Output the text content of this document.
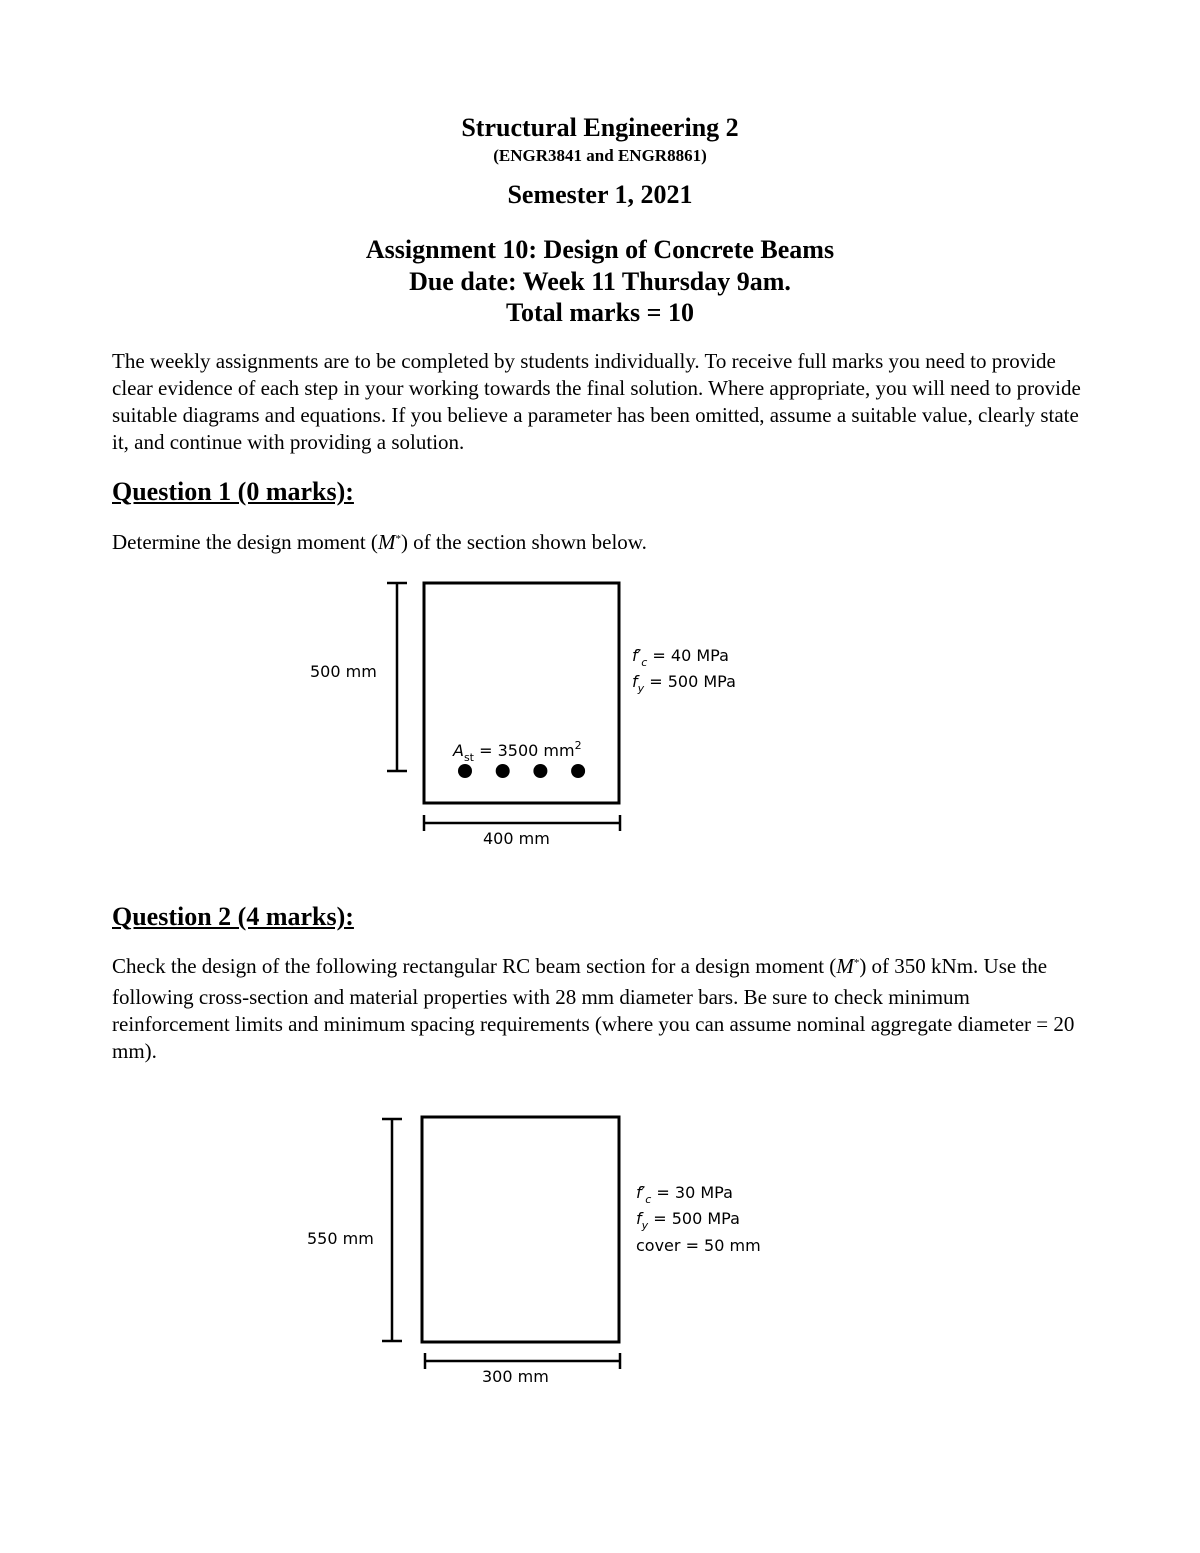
Structural Engineering 2
(ENGR3841 and ENGR8861)
Semester 1, 2021
Assignment 10: Design of Concrete Beams
Due date: Week 11 Thursday 9am.
Total marks = 10
The weekly assignments are to be completed by students individually. To receive full marks you need to provide clear evidence of each step in your working towards the final solution. Where appropriate, you will need to provide suitable diagrams and equations. If you believe a parameter has been omitted, assume a suitable value, clearly state it, and continue with providing a solution.
Question 1 (0 marks):
Determine the design moment (M*) of the section shown below.
500 mm
400 mm
$f'_c = 40$ MPa
$f_y = 500$ MPa
$A_{st} = 3500$ $mm^2$
Question 2 (4 marks):
Check the design of the following rectangular RC beam section for a design moment (M*) of 350 kNm. Use the following cross-section and material properties with 28 mm diameter bars. Be sure to check minimum reinforcement limits and minimum spacing requirements (where you can assume nominal aggregate diameter = 20 mm).
550 mm
300 mm
$f'_c = 30$ MPa
$f_y = 500$ MPa
cover = 50 mm
